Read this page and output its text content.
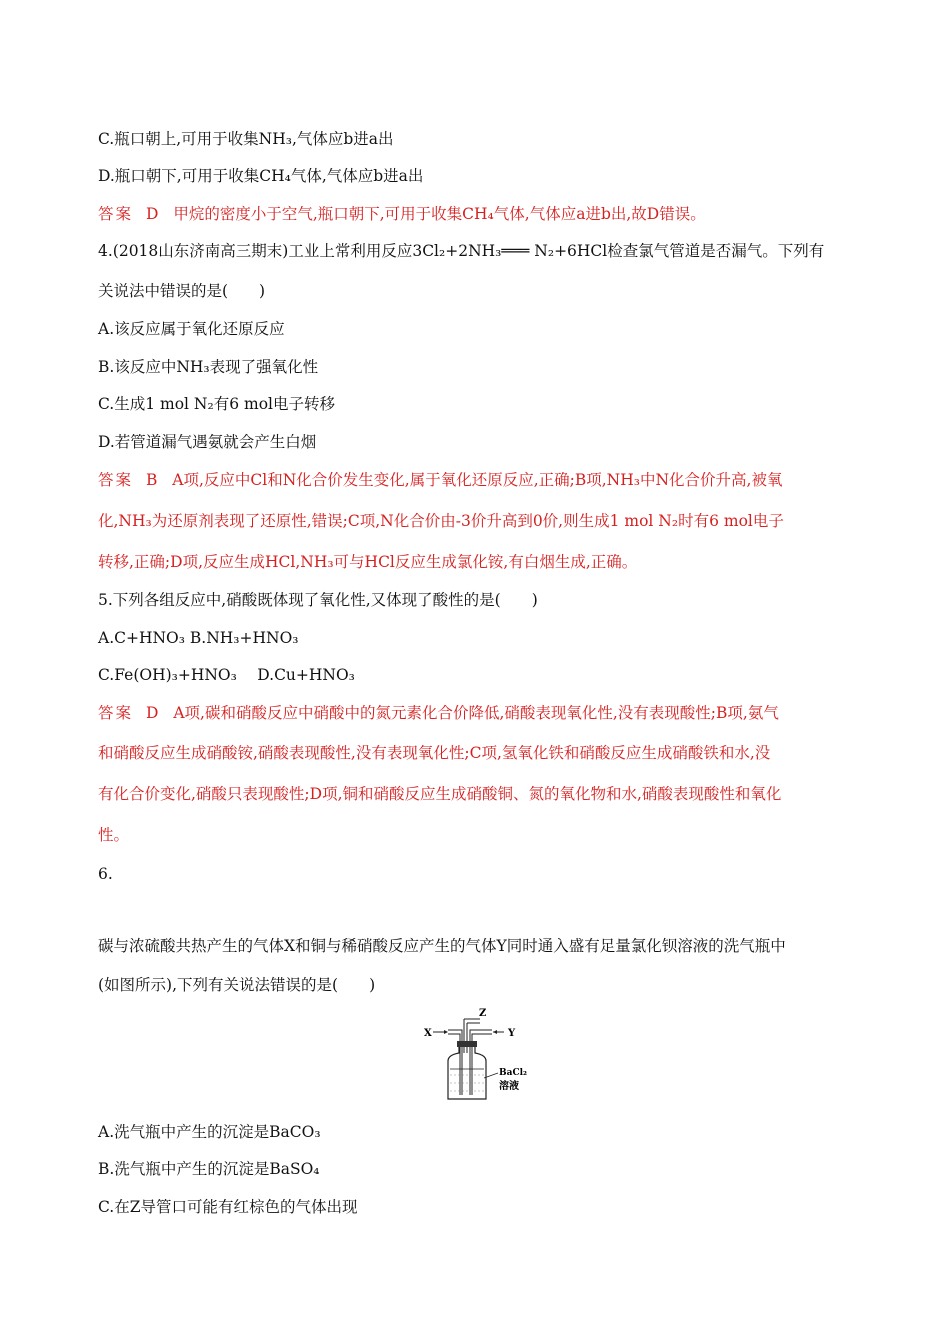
C.瓶口朝上,可用于收集NH₃,气体应b进a出
D.瓶口朝下,可用于收集CH₄气体,气体应b进a出
答案 D 甲烷的密度小于空气,瓶口朝下,可用于收集CH₄气体,气体应a进b出,故D错误。
4.(2018山东济南高三期末)工业上常利用反应3Cl₂+2NH₃═══ N₂+6HCl检查氯气管道是否漏气。下列有
关说法中错误的是(　　)
A.该反应属于氧化还原反应
B.该反应中NH₃表现了强氧化性
C.生成1 mol N₂有6 mol电子转移
D.若管道漏气遇氨就会产生白烟
答案 B A项,反应中Cl和N化合价发生变化,属于氧化还原反应,正确;B项,NH₃中N化合价升高,被氧
化,NH₃为还原剂表现了还原性,错误;C项,N化合价由-3价升高到0价,则生成1 mol N₂时有6 mol电子
转移,正确;D项,反应生成HCl,NH₃可与HCl反应生成氯化铵,有白烟生成,正确。
5.下列各组反应中,硝酸既体现了氧化性,又体现了酸性的是(　　)
A.C+HNO₃ B.NH₃+HNO₃
C.Fe(OH)₃+HNO₃　 D.Cu+HNO₃
答案 D A项,碳和硝酸反应中硝酸中的氮元素化合价降低,硝酸表现氧化性,没有表现酸性;B项,氨气
和硝酸反应生成硝酸铵,硝酸表现酸性,没有表现氧化性;C项,氢氧化铁和硝酸反应生成硝酸铁和水,没
有化合价变化,硝酸只表现酸性;D项,铜和硝酸反应生成硝酸铜、氮的氧化物和水,硝酸表现酸性和氧化
性。
6.
碳与浓硫酸共热产生的气体X和铜与稀硝酸反应产生的气体Y同时通入盛有足量氯化钡溶液的洗气瓶中
(如图所示),下列有关说法错误的是(　　)
X	Y
Z
BaCl₂
溶液
A.洗气瓶中产生的沉淀是BaCO₃
B.洗气瓶中产生的沉淀是BaSO₄
C.在Z导管口可能有红棕色的气体出现
